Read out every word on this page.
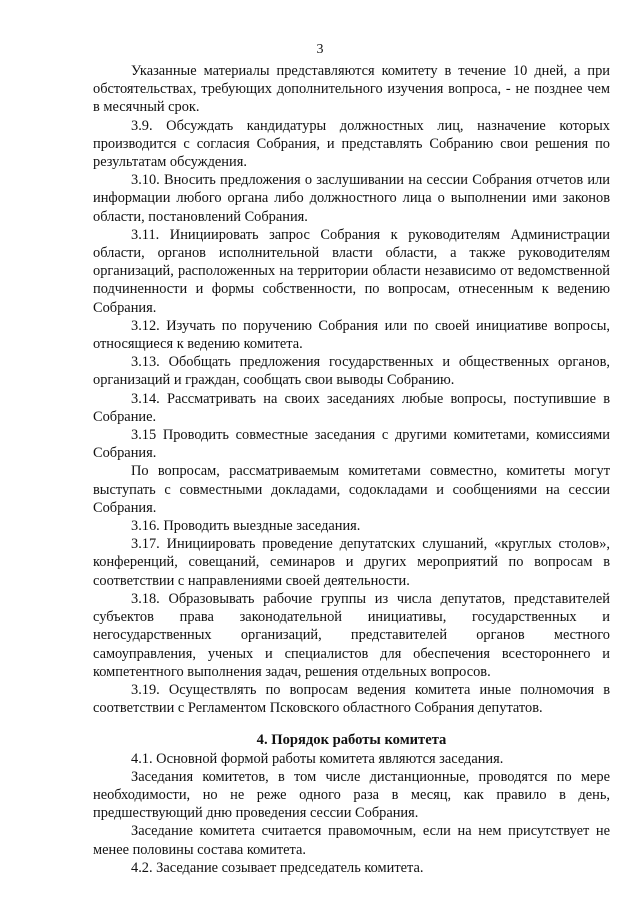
3

Указанные материалы представляются комитету в течение 10 дней, а при обстоятельствах, требующих дополнительного изучения вопроса, - не позднее чем в месячный срок.

3.9. Обсуждать кандидатуры должностных лиц, назначение которых производится с согласия Собрания, и представлять Собранию свои решения по результатам обсуждения.

3.10. Вносить предложения о заслушивании на сессии Собрания отчетов или информации любого органа либо должностного лица о выполнении ими законов области, постановлений Собрания.

3.11. Инициировать запрос Собрания к руководителям Администрации области, органов исполнительной власти области, а также руководителям организаций, расположенных на территории области независимо от ведомственной подчиненности и формы собственности, по вопросам, отнесенным к ведению Собрания.

3.12. Изучать по поручению Собрания или по своей инициативе вопросы, относящиеся к ведению комитета.

3.13. Обобщать предложения государственных и общественных органов, организаций и граждан, сообщать свои выводы Собранию.

3.14. Рассматривать на своих заседаниях любые вопросы, поступившие в Собрание.

3.15 Проводить совместные заседания с другими комитетами, комиссиями Собрания.

По вопросам, рассматриваемым комитетами совместно, комитеты могут выступать с совместными докладами, содокладами и сообщениями на сессии Собрания.

3.16. Проводить выездные заседания.

3.17. Инициировать проведение депутатских слушаний, «круглых столов», конференций, совещаний, семинаров и других мероприятий по вопросам в соответствии с направлениями своей деятельности.

3.18. Образовывать рабочие группы из числа депутатов, представителей субъектов права законодательной инициативы, государственных и негосударственных организаций, представителей органов местного самоуправления, ученых и специалистов для обеспечения всестороннего и компетентного выполнения задач, решения отдельных вопросов.

3.19. Осуществлять по вопросам ведения комитета иные полномочия в соответствии с Регламентом Псковского областного Собрания депутатов.

4. Порядок работы комитета

4.1. Основной формой работы комитета являются заседания.

Заседания комитетов, в том числе дистанционные, проводятся по мере необходимости, но не реже одного раза в месяц, как правило в день, предшествующий дню проведения сессии Собрания.

Заседание комитета считается правомочным, если на нем присутствует не менее половины состава комитета.

4.2. Заседание созывает председатель комитета.
